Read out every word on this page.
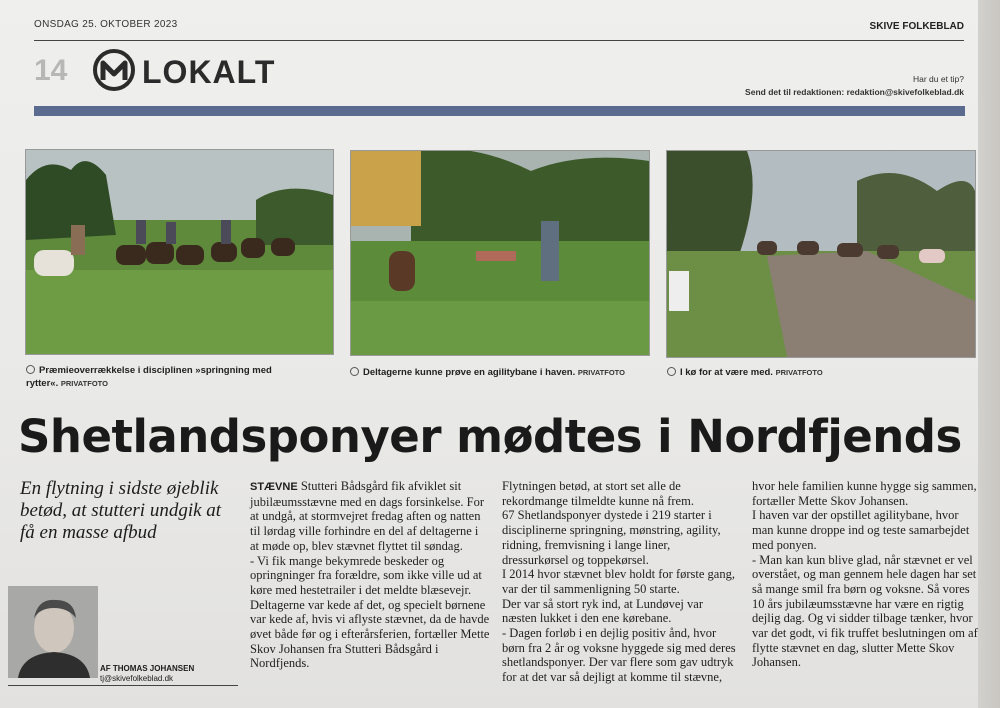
ONSDAG 25. OKTOBER 2023	SKIVE FOLKEBLAD
14 LOKALT	Har du et tip?
Send det til redaktionen: redaktion@skivefolkeblad.dk
Præmieoverrækkelse i disciplinen »springning med rytter«. PRIVATFOTO
Deltagerne kunne prøve en agilitybane i haven. PRIVATFOTO	I kø for at være med. PRIVATFOTO
Shetlandsponyer mødtes i Nordfjends
En flytning i sidste øjeblik betød, at stutteri undgik at få en masse afbud
AF THOMAS JOHANSEN
tj@skivefolkeblad.dk

STÆVNE Stutteri Bådsgård fik afviklet sit jubilæumsstævne med en dags forsinkelse. For at undgå, at stormvejret fredag aften og natten til lørdag ville forhindre en del af deltagerne i at møde op, blev stævnet flyttet til søndag.

- Vi fik mange bekymrede beskeder og opringninger fra forældre, som ikke ville ud at køre med hestetrailer i det meldte blæsevejr. Deltagerne var kede af det, og specielt børnene var kede af, hvis vi aflyste stævnet, da de havde øvet både før og i efterårsferien, fortæller Mette Skov Johansen fra Stutteri Bådsgård i Nordfjends.

Flytningen betød, at stort set alle de rekordmange tilmeldte kunne nå frem.

67 Shetlandsponyer dystede i 219 starter i disciplinerne springning, mønstring, agility, ridning, fremvisning i lange liner, dressurkørsel og toppekørsel.

I 2014 hvor stævnet blev holdt for første gang, var der til sammenligning 50 starte.

Der var så stort ryk ind, at Lundøvej var næsten lukket i den ene kørebane.

- Dagen forløb i en dejlig positiv ånd, hvor børn fra 2 år og voksne hyggede sig med deres shetlandsponyer. Der var flere som gav udtryk for at det var så dejligt at komme til stævne,

hvor hele familien kunne hygge sig sammen, fortæller Mette Skov Johansen.

I haven var der opstillet agilitybane, hvor man kunne droppe ind og teste samarbejdet med ponyen.

- Man kan kun blive glad, når stævnet er vel overstået, og man gennem hele dagen har set så mange smil fra børn og voksne. Så vores 10 års jubilæumsstævne har være en rigtig dejlig dag. Og vi sidder tilbage tænker, hvor var det godt, vi fik truffet beslutningen om af flytte stævnet en dag, slutter Mette Skov Johansen.
